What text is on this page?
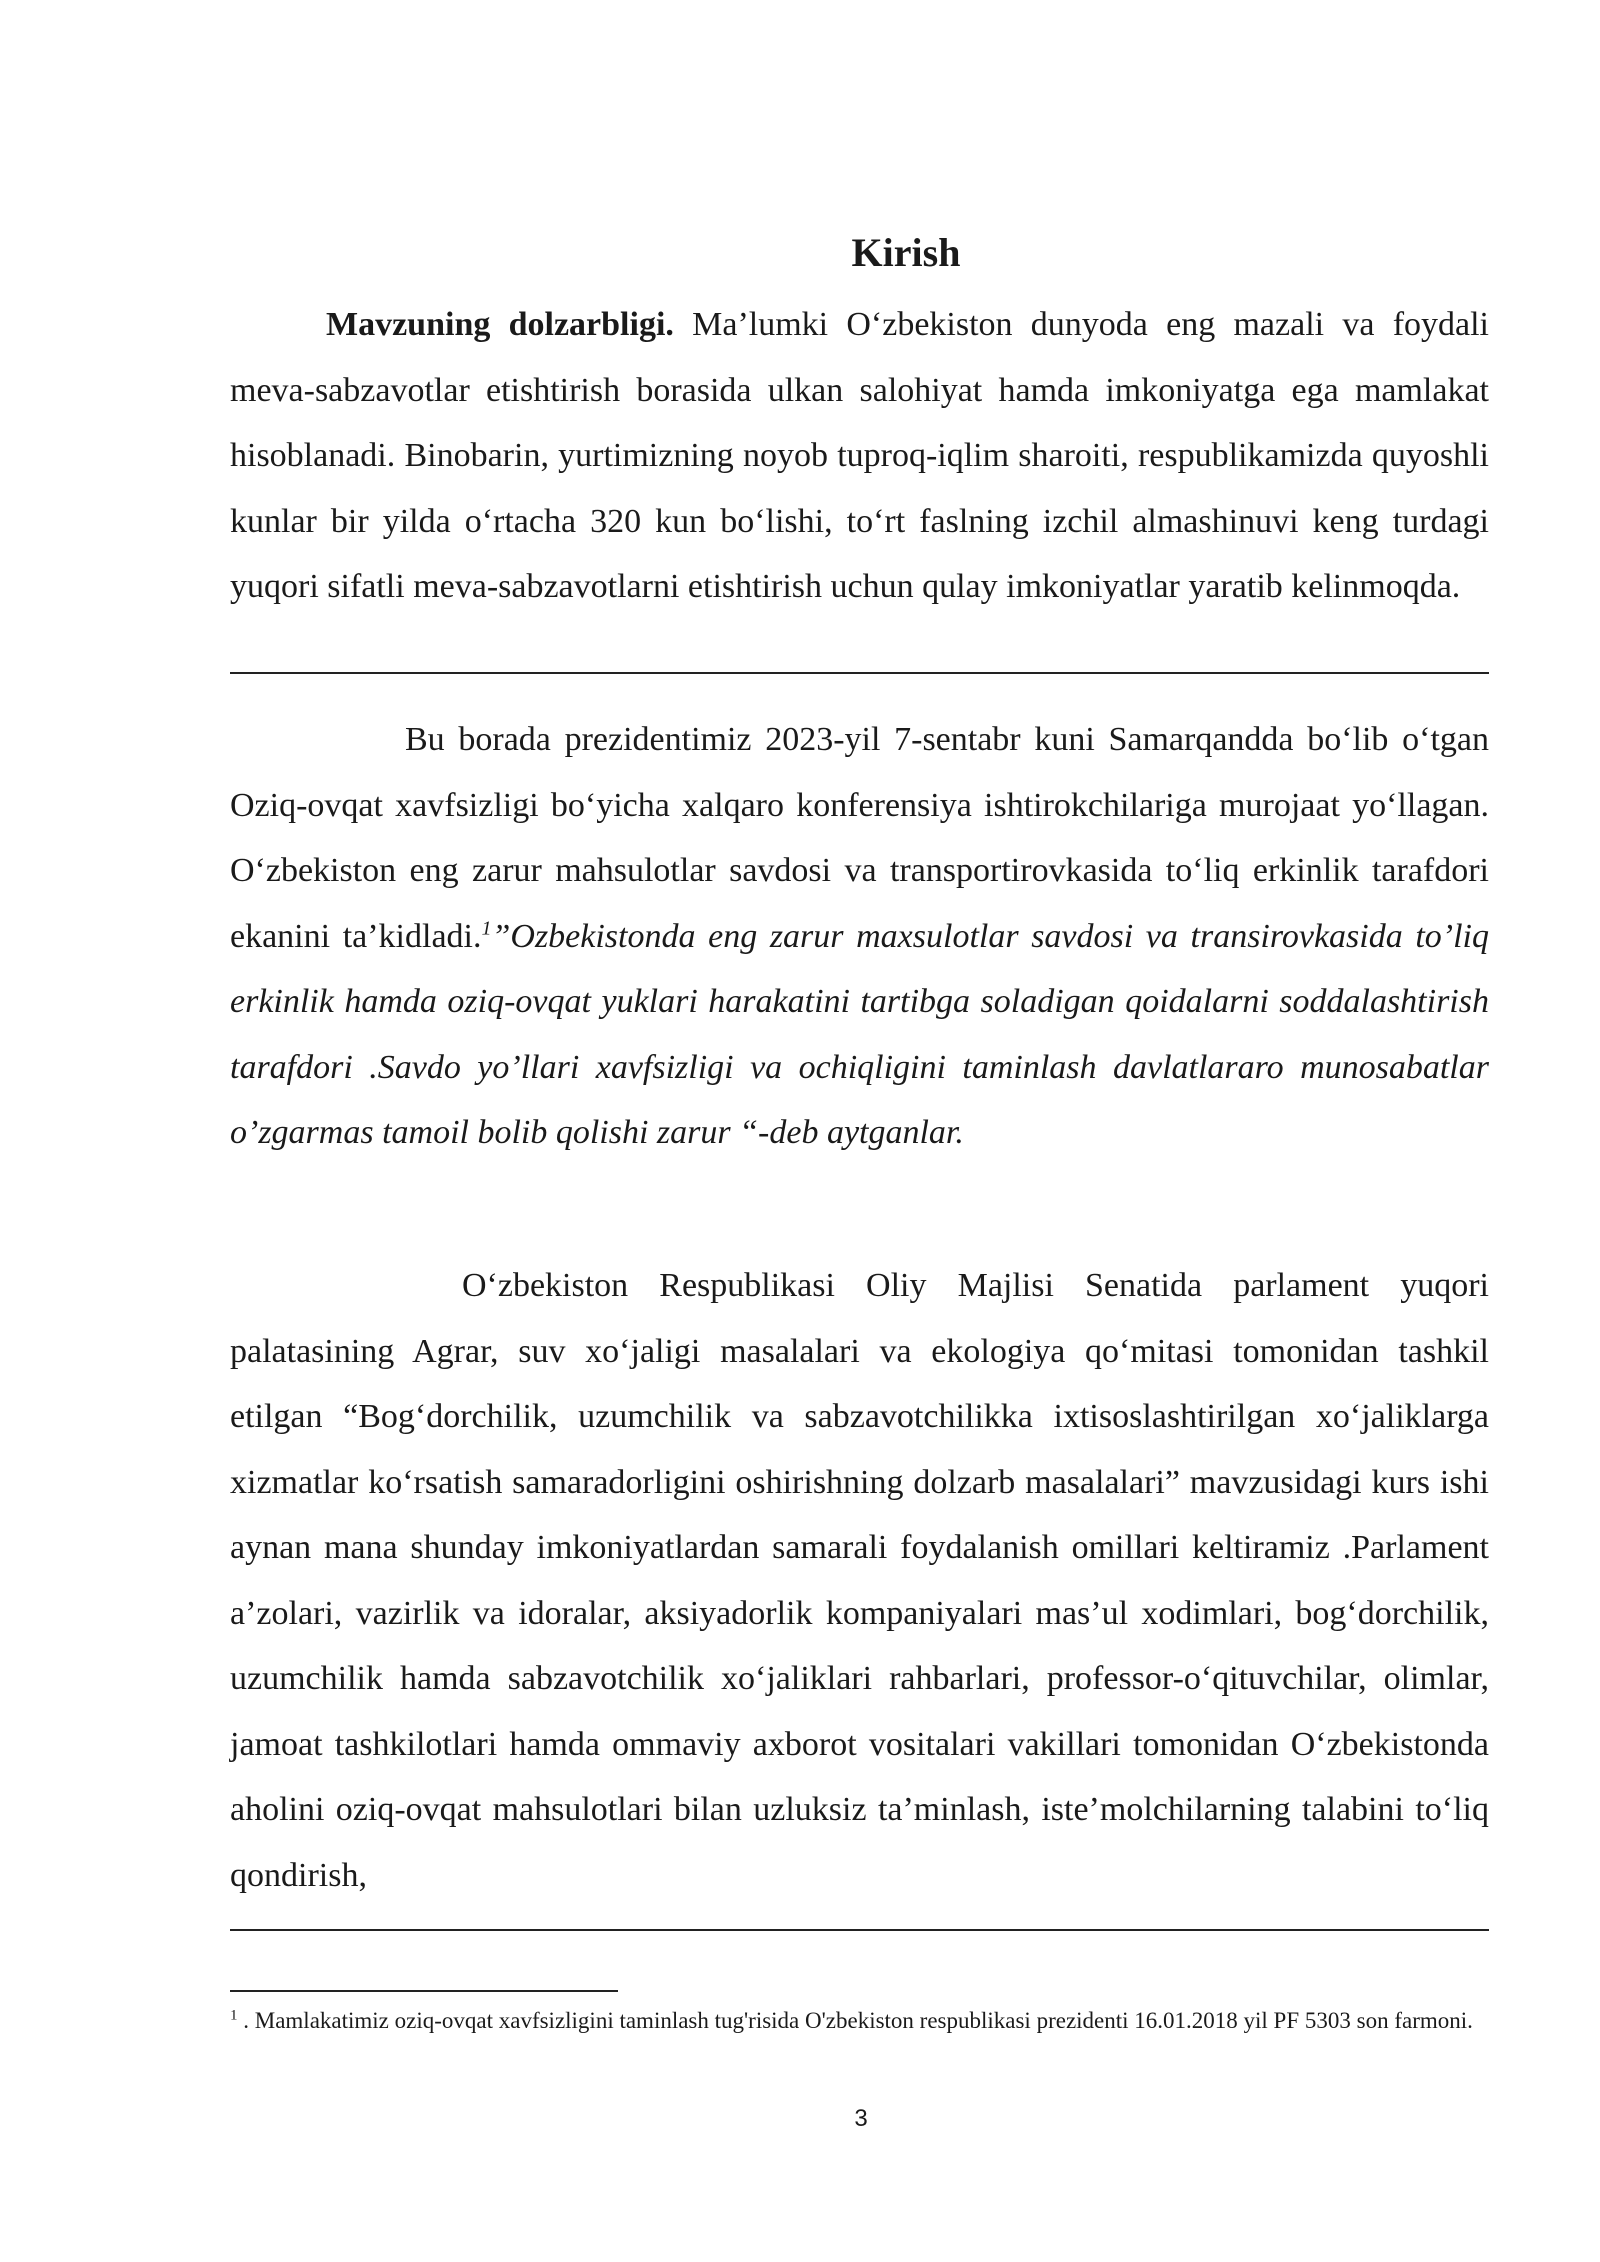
Kirish

Mavzuning dolzarbligi. Ma’lumki O‘zbekiston dunyoda eng mazali va foydali meva-sabzavotlar etishtirish borasida ulkan salohiyat hamda imkoniyatga ega mamlakat hisoblanadi. Binobarin, yurtimizning noyob tuproq-iqlim sharoiti, respublikamizda quyoshli kunlar bir yilda o‘rtacha 320 kun bo‘lishi, to‘rt faslning izchil almashinuvi keng turdagi yuqori sifatli meva-sabzavotlarni etishtirish uchun qulay imkoniyatlar yaratib kelinmoqda.

Bu borada prezidentimiz 2023-yil 7-sentabr kuni Samarqandda bo‘lib o‘tgan Oziq-ovqat xavfsizligi bo‘yicha xalqaro konferensiya ishtirokchilariga murojaat yo‘llagan. O‘zbekiston eng zarur mahsulotlar savdosi va transportirovkasida to‘liq erkinlik tarafdori ekanini ta’kidladi.$^1$”Ozbekistonda eng zarur maxsulotlar savdosi va transirovkasida to’liq erkinlik hamda oziq-ovqat yuklari harakatini tartibga soladigan qoidalarni soddalashtirish tarafdori .Savdo yo’llari xavfsizligi va ochiqligini taminlash davlatlararo munosabatlar o’zgarmas tamoil bolib qolishi zarur “-deb aytganlar.

O‘zbekiston Respublikasi Oliy Majlisi Senatida parlament yuqori palatasining Agrar, suv xo‘jaligi masalalari va ekologiya qo‘mitasi tomonidan tashkil etilgan “Bog‘dorchilik, uzumchilik va sabzavotchilikka ixtisoslashtirilgan xo‘jaliklarga xizmatlar ko‘rsatish samaradorligini oshirishning dolzarb masalalari” mavzusidagi kurs ishi aynan mana shunday imkoniyatlardan samarali foydalanish omillari keltiramiz .Parlament a’zolari, vazirlik va idoralar, aksiyadorlik kompaniyalari mas’ul xodimlari, bog‘dorchilik, uzumchilik hamda sabzavotchilik xo‘jaliklari rahbarlari, professor-o‘qituvchilar, olimlar, jamoat tashkilotlari hamda ommaviy axborot vositalari vakillari tomonidan O‘zbekistonda aholini oziq-ovqat mahsulotlari bilan uzluksiz ta’minlash, iste’molchilarning talabini to‘liq qondirish,

$^1$ . Mamlakatimiz oziq-ovqat xavfsizligini taminlash tug'risida O'zbekiston respublikasi prezidenti 16.01.2018 yil PF 5303 son farmoni.
3
